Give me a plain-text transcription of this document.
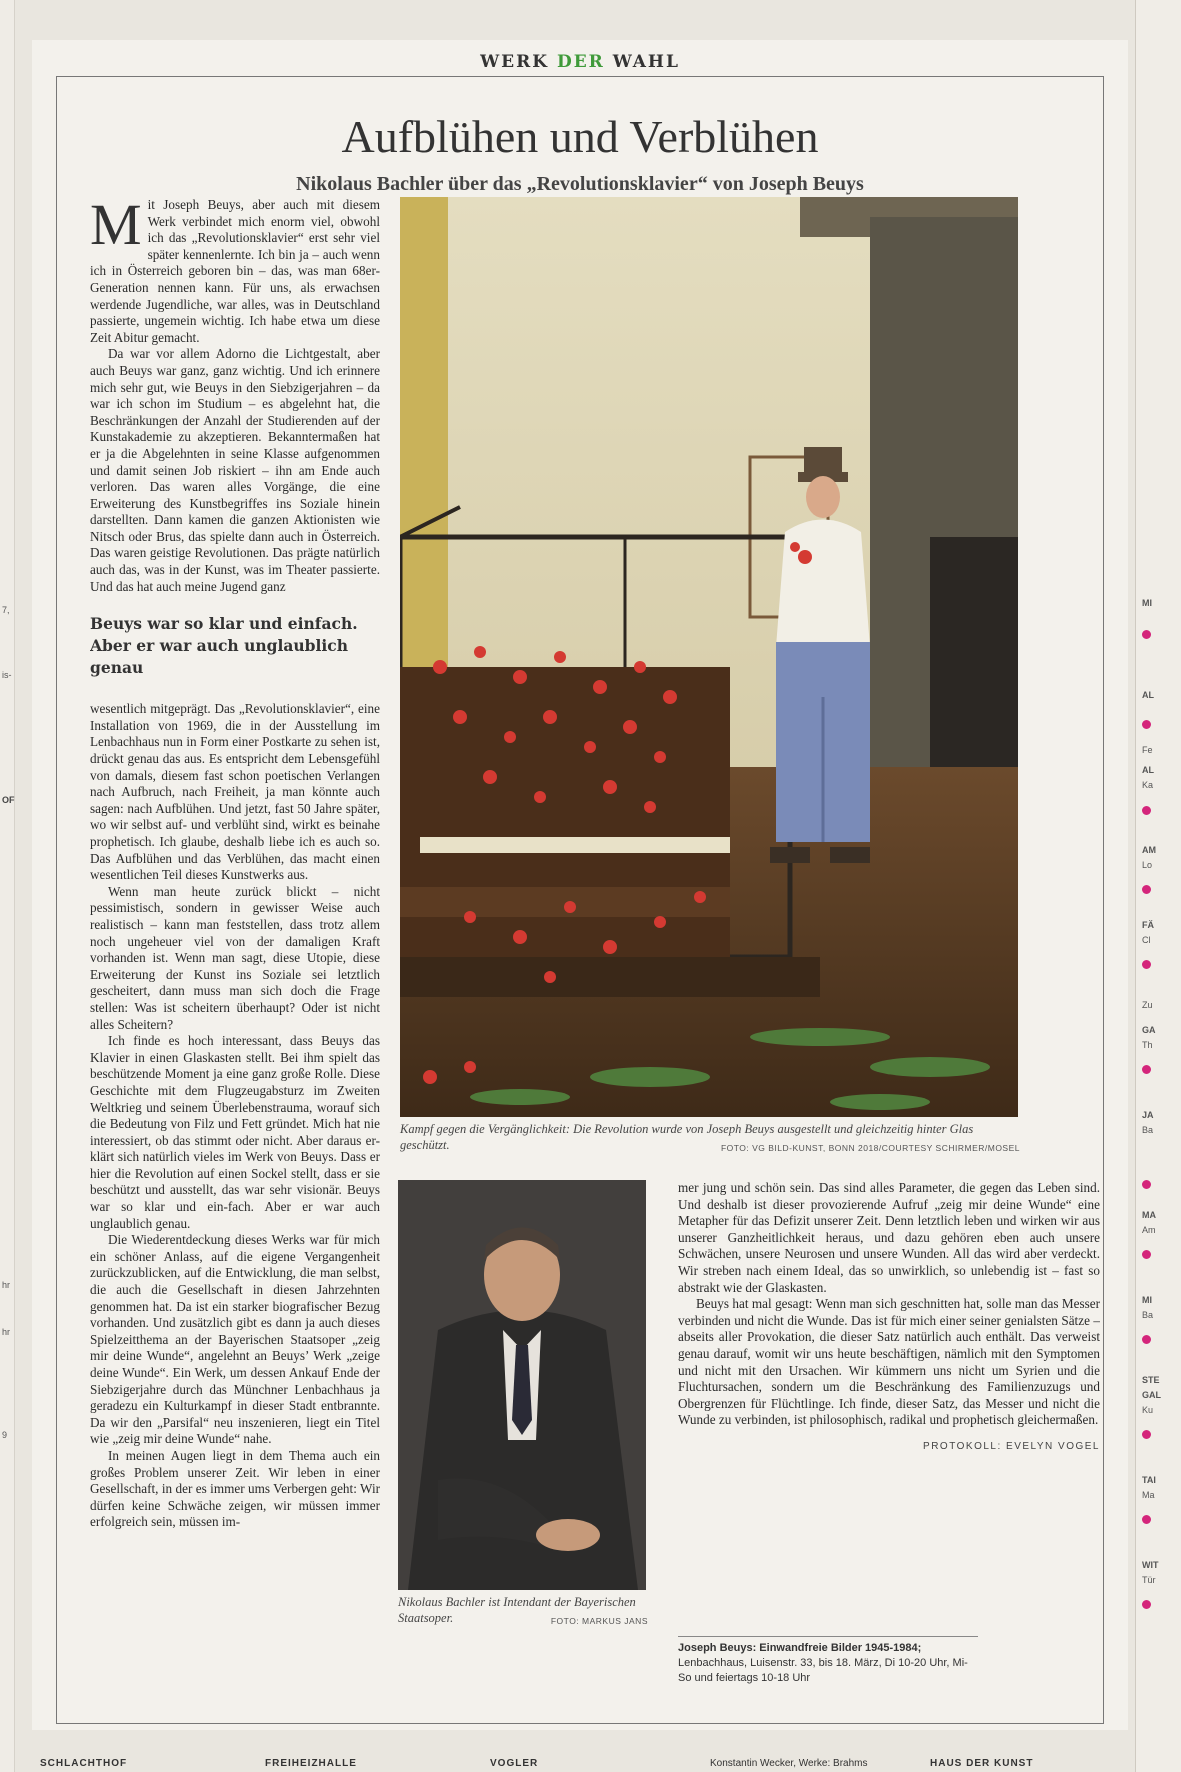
7,
is-
OF
hr
hr
9
MI
AL
Fe
AL
Ka
AM
Lo
FÄ
Cl
Zu
GA
Th
JA
Ba
MA
Am
MI
Ba
STE
GAL
Ku
TAI
Ma
WIT
Tür
WERK DER WAHL
Aufblühen und Verblühen
Nikolaus Bachler über das „Revolutionsklavier“ von Joseph Beuys

Mit Joseph Beuys, aber auch mit diesem Werk verbindet mich enorm viel, obwohl ich das „Revolutionsklavier“ erst sehr viel später kennenlernte. Ich bin ja – auch wenn ich in Österreich geboren bin – das, was man 68er-Generation nennen kann. Für uns, als erwachsen werdende Jugendliche, war alles, was in Deutschland passierte, ungemein wichtig. Ich habe etwa um diese Zeit Abitur gemacht.

Da war vor allem Adorno die Lichtgestalt, aber auch Beuys war ganz, ganz wichtig. Und ich erinnere mich sehr gut, wie Beuys in den Siebzigerjahren – da war ich schon im Studium – es abgelehnt hat, die Beschränkungen der Anzahl der Studierenden auf der Kunstakademie zu akzeptieren. Bekanntermaßen hat er ja die Abgelehnten in seine Klasse aufgenommen und damit seinen Job riskiert – ihn am Ende auch verloren. Das waren alles Vorgänge, die eine Erweiterung des Kunstbegriffes ins Soziale hinein darstellten. Dann kamen die ganzen Aktionisten wie Nitsch oder Brus, das spielte dann auch in Österreich. Das waren geistige Revolutionen. Das prägte natürlich auch das, was in der Kunst, was im Theater passierte. Und das hat auch meine Jugend ganz

Beuys war so klar und einfach. Aber er war auch unglaublich genau

wesentlich mitgeprägt. Das „Revolutionsklavier“, eine Installation von 1969, die in der Ausstellung im Lenbachhaus nun in Form einer Postkarte zu sehen ist, drückt genau das aus. Es entspricht dem Lebensgefühl von damals, diesem fast schon poetischen Verlangen nach Aufbruch, nach Freiheit, ja man könnte auch sagen: nach Aufblühen. Und jetzt, fast 50 Jahre später, wo wir selbst auf- und verblüht sind, wirkt es beinahe prophetisch. Ich glaube, deshalb liebe ich es auch so. Das Aufblühen und das Verblühen, das macht einen wesentlichen Teil dieses Kunstwerks aus.

Wenn man heute zurück blickt – nicht pessimistisch, sondern in gewisser Weise auch realistisch – kann man feststellen, dass trotz allem noch ungeheuer viel von der damaligen Kraft vorhanden ist. Wenn man sagt, diese Utopie, diese Erweiterung der Kunst ins Soziale sei letztlich gescheitert, dann muss man sich doch die Frage stellen: Was ist scheitern überhaupt? Oder ist nicht alles Scheitern?

Ich finde es hoch interessant, dass Beuys das Klavier in einen Glaskasten stellt. Bei ihm spielt das beschützende Moment ja eine ganz große Rolle. Diese Geschichte mit dem Flugzeugabsturz im Zweiten Weltkrieg und seinem Überlebenstrauma, worauf sich die Bedeutung von Filz und Fett gründet. Mich hat nie interessiert, ob das stimmt oder nicht. Aber daraus er-klärt sich natürlich vieles im Werk von Beuys. Dass er hier die Revolution auf einen Sockel stellt, dass er sie beschützt und ausstellt, das war sehr visionär. Beuys war so klar und ein-fach. Aber er war auch unglaublich genau.

Die Wiederentdeckung dieses Werks war für mich ein schöner Anlass, auf die eigene Vergangenheit zurückzublicken, auf die Entwicklung, die man selbst, die auch die Gesellschaft in diesen Jahrzehnten genommen hat. Da ist ein starker biografischer Bezug vorhanden. Und zusätzlich gibt es dann ja auch dieses Spielzeitthema an der Bayerischen Staatsoper „zeig mir deine Wunde“, angelehnt an Beuys’ Werk „zeige deine Wunde“. Ein Werk, um dessen Ankauf Ende der Siebzigerjahre durch das Münchner Lenbachhaus ja geradezu ein Kulturkampf in dieser Stadt entbrannte. Da wir den „Parsifal“ neu inszenieren, liegt ein Titel wie „zeig mir deine Wunde“ nahe.

In meinen Augen liegt in dem Thema auch ein großes Problem unserer Zeit. Wir leben in einer Gesellschaft, in der es immer ums Verbergen geht: Wir dürfen keine Schwäche zeigen, wir müssen immer erfolgreich sein, müssen im-

Kampf gegen die Vergänglichkeit: Die Revolution wurde von Joseph Beuys ausgestellt und gleichzeitig hinter Glas geschützt.	FOTO: VG BILD-KUNST, BONN 2018/COURTESY SCHIRMER/MOSEL
Nikolaus Bachler ist Intendant der Bayerischen Staatsoper.	FOTO: MARKUS JANS

mer jung und schön sein. Das sind alles Parameter, die gegen das Leben sind. Und deshalb ist dieser provozierende Aufruf „zeig mir deine Wunde“ eine Metapher für das Defizit unserer Zeit. Denn letztlich leben und wirken wir aus unserer Ganzheitlichkeit heraus, und dazu gehören eben auch unsere Schwächen, unsere Neurosen und unsere Wunden. All das wird aber verdeckt. Wir streben nach einem Ideal, das so unwirklich, so unlebendig ist – fast so abstrakt wie der Glaskasten.

Beuys hat mal gesagt: Wenn man sich geschnitten hat, solle man das Messer verbinden und nicht die Wunde. Das ist für mich einer seiner genialsten Sätze – abseits aller Provokation, die dieser Satz natürlich auch enthält. Das verweist genau darauf, womit wir uns heute beschäftigen, nämlich mit den Symptomen und nicht mit den Ursachen. Wir kümmern uns nicht um Syrien und die Fluchtursachen, sondern um die Beschränkung des Familienzuzugs und Obergrenzen für Flüchtlinge. Ich finde, dieser Satz, das Messer und nicht die Wunde zu verbinden, ist philosophisch, radikal und prophetisch gleichermaßen.

PROTOKOLL: EVELYN VOGEL
Joseph Beuys: Einwandfreie Bilder 1945-1984; Lenbachhaus, Luisenstr. 33, bis 18. März, Di 10-20 Uhr, Mi-So und feiertags 10-18 Uhr
SCHLACHTHOF	FREIHEIZHALLE	VOGLER	Konstantin Wecker, Werke: Brahms	HAUS DER KUNST
